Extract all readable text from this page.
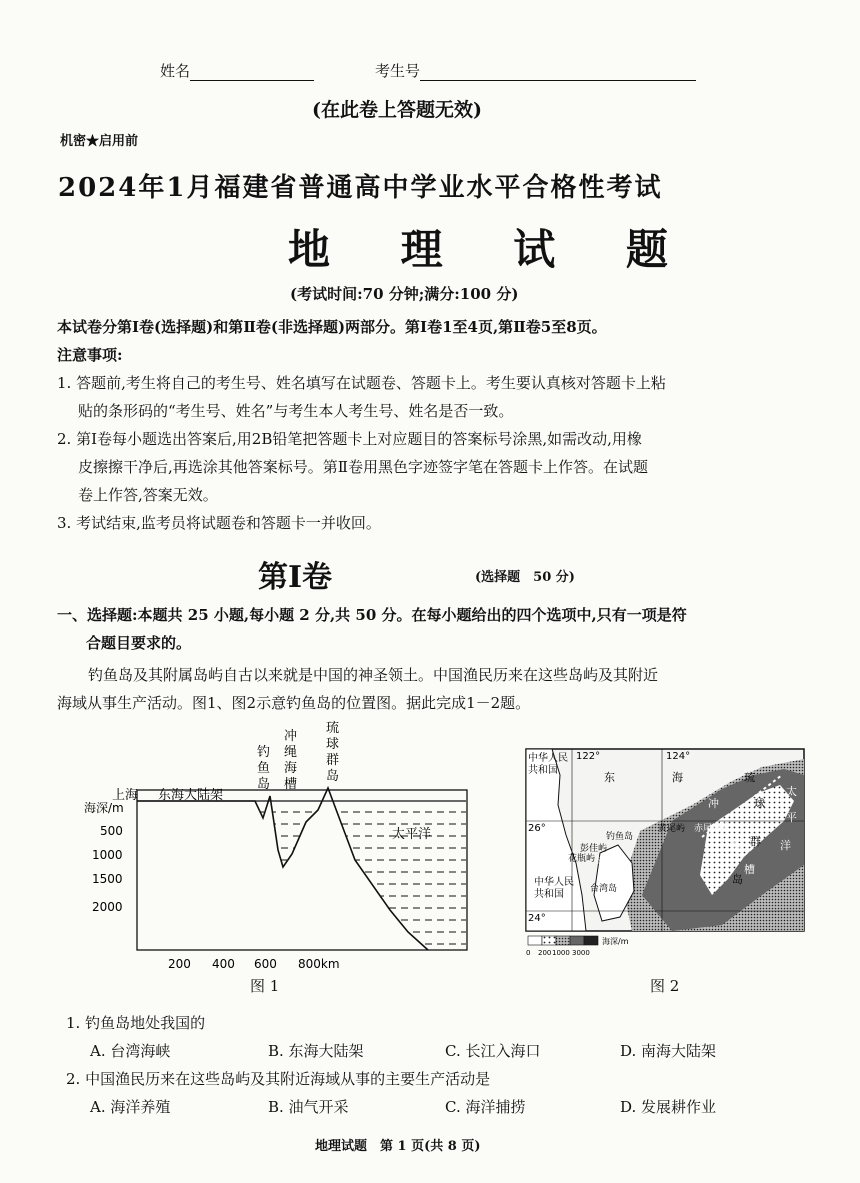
姓名	考生号
(在此卷上答题无效)
机密★启用前
2024年1月福建省普通高中学业水平合格性考试
地 理 试 题
(考试时间:70 分钟;满分:100 分)
本试卷分第Ⅰ卷(选择题)和第Ⅱ卷(非选择题)两部分。第Ⅰ卷1至4页,第Ⅱ卷5至8页。
注意事项:
1. 答题前,考生将自己的考生号、姓名填写在试题卷、答题卡上。考生要认真核对答题卡上粘
贴的条形码的“考生号、姓名”与考生本人考生号、姓名是否一致。
2. 第Ⅰ卷每小题选出答案后,用2B铅笔把答题卡上对应题目的答案标号涂黑,如需改动,用橡
皮擦擦干净后,再选涂其他答案标号。第Ⅱ卷用黑色字迹签字笔在答题卡上作答。在试题
卷上作答,答案无效。
3. 考试结束,监考员将试题卷和答题卡一并收回。
第Ⅰ卷	(选择题　50 分)
一、选择题:本题共 25 小题,每小题 2 分,共 50 分。在每小题给出的四个选项中,只有一项是符
合题目要求的。
钓鱼岛及其附属岛屿自古以来就是中国的神圣领土。中国渔民历来在这些岛屿及其附近
海域从事生产活动。图1、图2示意钓鱼岛的位置图。据此完成1－2题。
上海 东海大陆架
海深/m
500
1000
1500
2000
200 400 600 800km
钓
鱼
岛
冲
绳
海
槽
琉
球
群
岛
太平洋
图 1
中华人民
共和国
中华人民
共和国
122°	124°
26°
24°
东	海
彭佳屿
花瓶屿 棉花屿
钓鱼岛
黄尾屿 赤尾屿
台湾岛
冲
绳
海
槽
琉
球
群
岛
太
平
洋
海深/m
0 200 1000 3000
图 2
1. 钓鱼岛地处我国的
A. 台湾海峡	B. 东海大陆架	C. 长江入海口	D. 南海大陆架
2. 中国渔民历来在这些岛屿及其附近海域从事的主要生产活动是
A. 海洋养殖	B. 油气开采	C. 海洋捕捞	D. 发展耕作业
地理试题　第 1 页(共 8 页)
